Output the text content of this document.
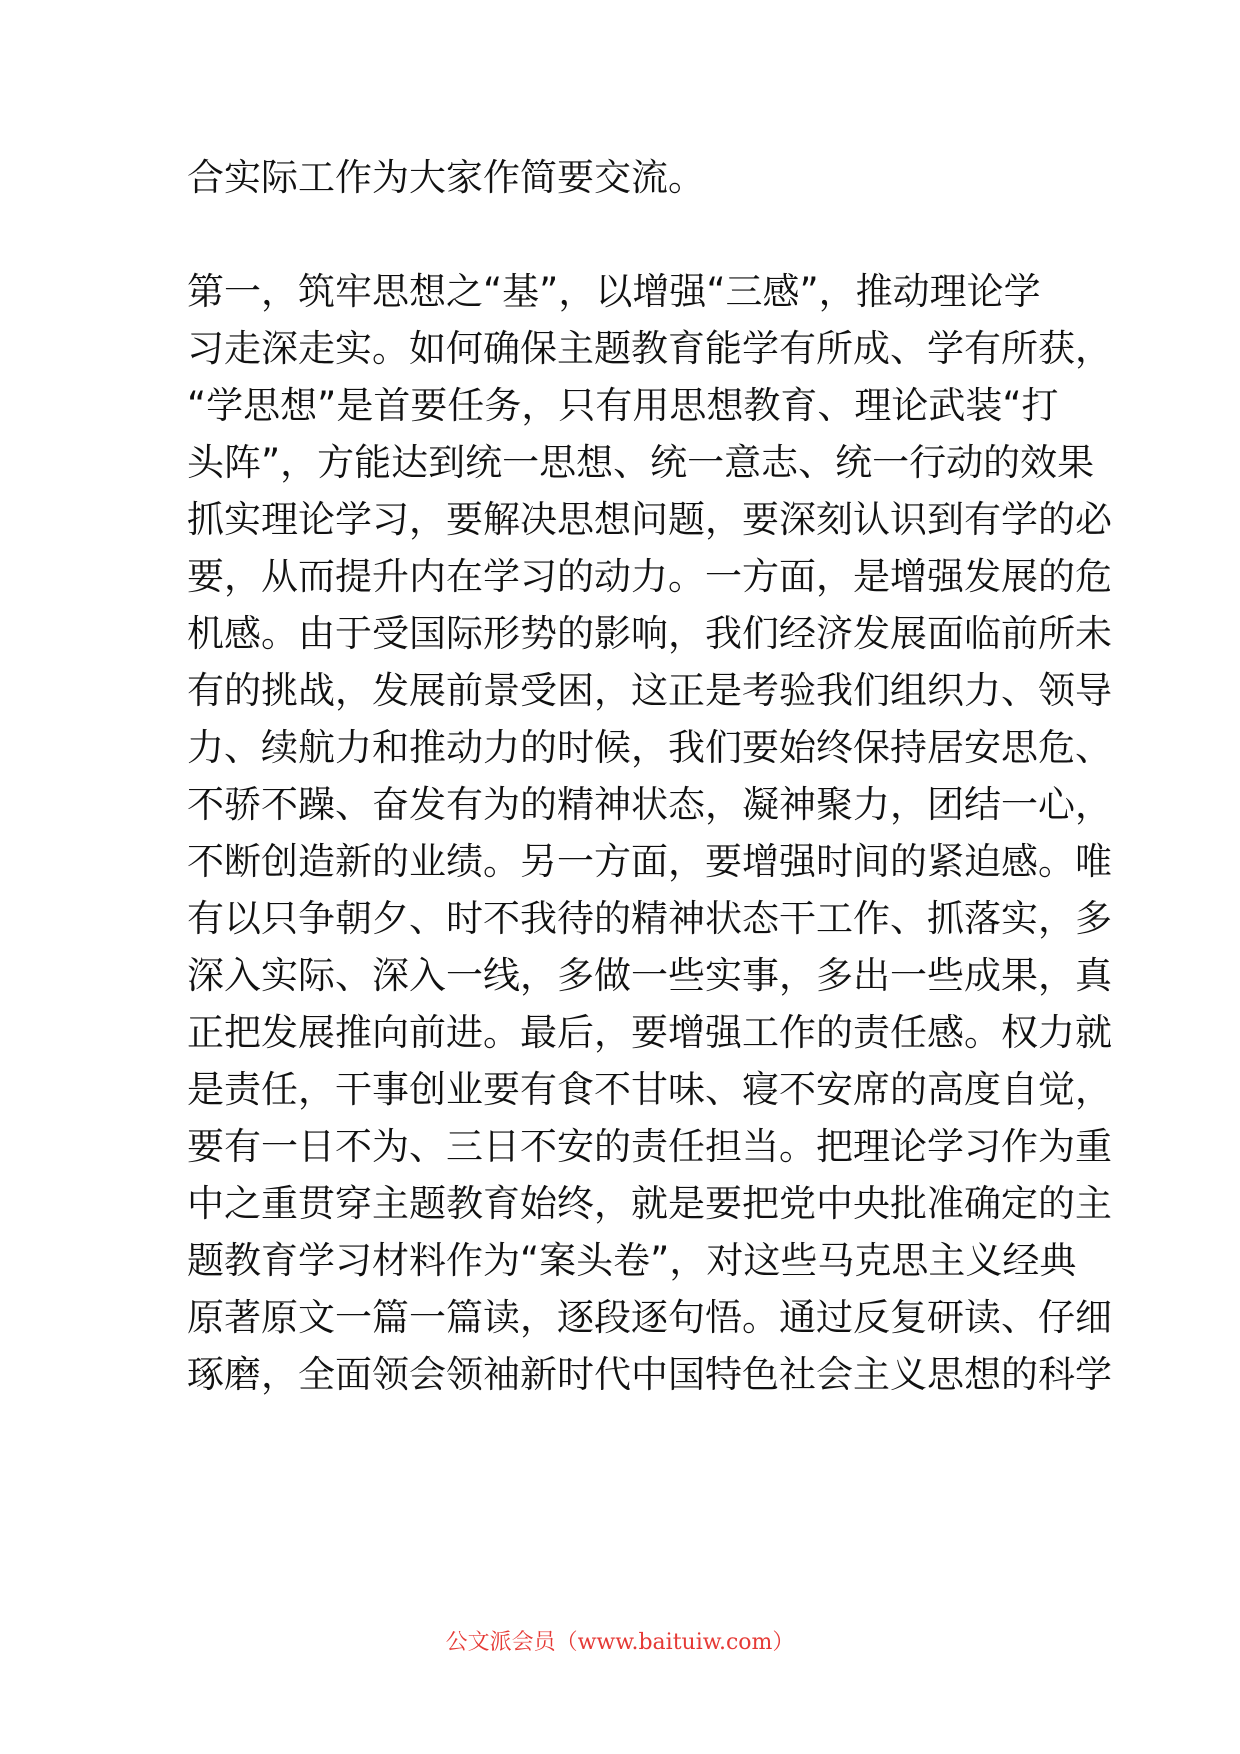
合实际工作为大家作简要交流。
第一，筑牢思想之“基”，以增强“三感”，推动理论学
习走深走实。如何确保主题教育能学有所成、学有所获，
“学思想”是首要任务，只有用思想教育、理论武装“打
头阵”，方能达到统一思想、统一意志、统一行动的效果
抓实理论学习，要解决思想问题，要深刻认识到有学的必
要，从而提升内在学习的动力。一方面，是增强发展的危
机感。由于受国际形势的影响，我们经济发展面临前所未
有的挑战，发展前景受困，这正是考验我们组织力、领导
力、续航力和推动力的时候，我们要始终保持居安思危、
不骄不躁、奋发有为的精神状态，凝神聚力，团结一心，
不断创造新的业绩。另一方面，要增强时间的紧迫感。唯
有以只争朝夕、时不我待的精神状态干工作、抓落实，多
深入实际、深入一线，多做一些实事，多出一些成果，真
正把发展推向前进。最后，要增强工作的责任感。权力就
是责任，干事创业要有食不甘味、寝不安席的高度自觉，
要有一日不为、三日不安的责任担当。把理论学习作为重
中之重贯穿主题教育始终，就是要把党中央批准确定的主
题教育学习材料作为“案头卷”，对这些马克思主义经典
原著原文一篇一篇读，逐段逐句悟。通过反复研读、仔细
琢磨，全面领会领袖新时代中国特色社会主义思想的科学
公文派会员（www.baituiw.com）
